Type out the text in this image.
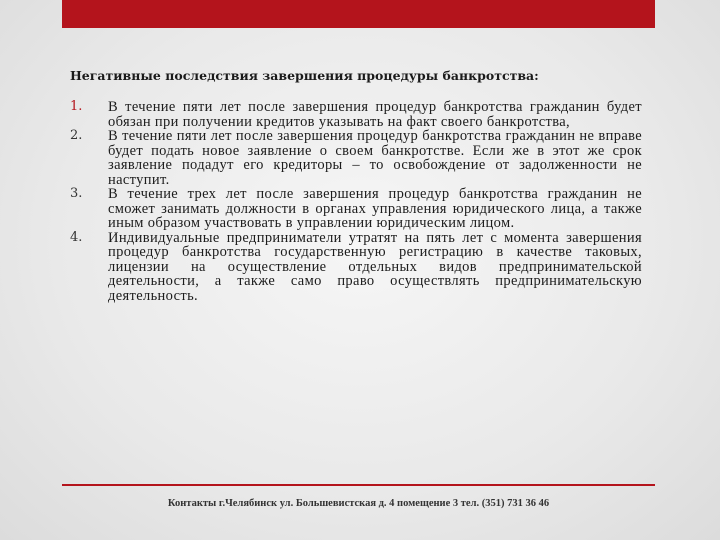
Негативные последствия завершения процедуры банкротства:
1.	В течение пяти лет после завершения процедур банкротства гражданин будет обязан при получении кредитов указывать на факт своего банкротства,
2.	В течение пяти лет после завершения процедур банкротства гражданин не вправе будет подать новое заявление о своем банкротстве. Если же в этот же срок заявление подадут его кредиторы – то освобождение от задолженности не наступит.
3.	В течение трех лет после завершения процедур банкротства гражданин не сможет занимать должности в органах управления юридического лица, а также иным образом участвовать в управлении юридическим лицом.
4.	Индивидуальные предприниматели утратят на пять лет с момента завершения процедур банкротства государственную регистрацию в качестве таковых, лицензии на осуществление отдельных видов предпринимательской деятельности, а также само право осуществлять предпринимательскую деятельность.
Контакты г.Челябинск ул. Большевистская д. 4 помещение 3 тел. (351) 731 36 46
